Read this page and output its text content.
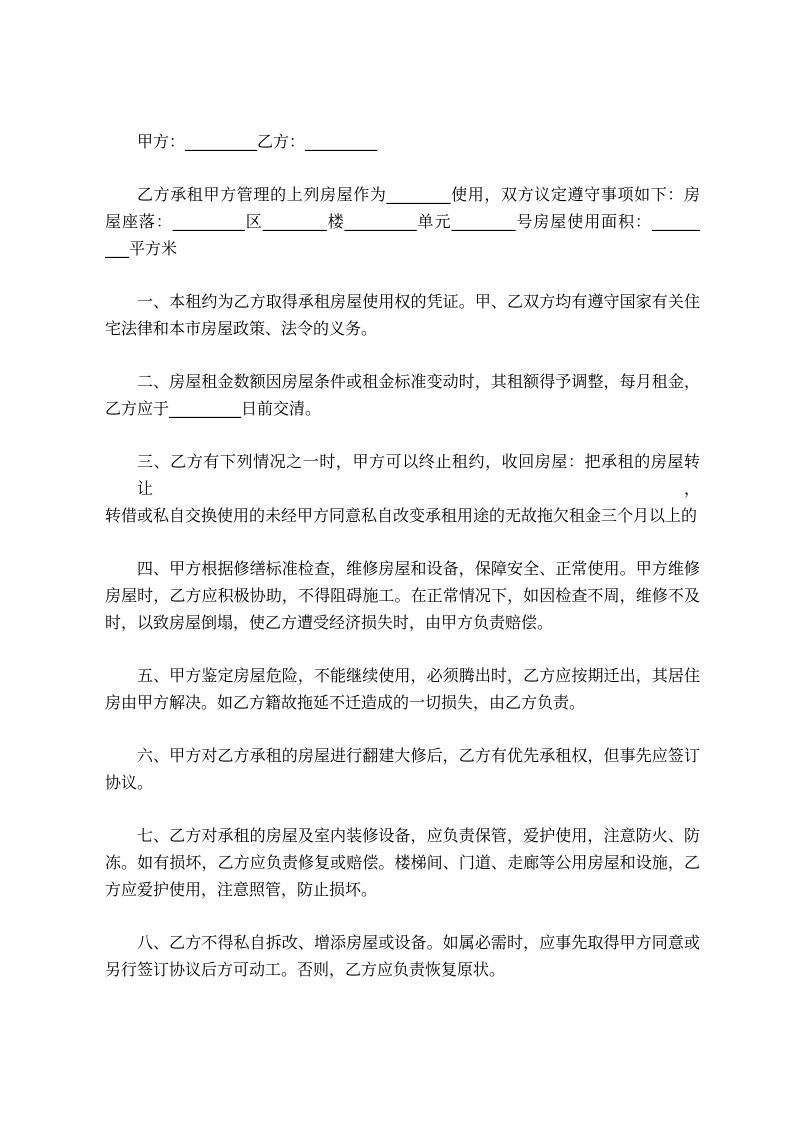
甲方：_________乙方：_________
乙方承租甲方管理的上列房屋作为________使用，双方议定遵守事项如下：房
屋座落：_________区________楼_________单元________号房屋使用面积：______
___平方米
一、本租约为乙方取得承租房屋使用权的凭证。甲、乙双方均有遵守国家有关住
宅法律和本市房屋政策、法令的义务。
二、房屋租金数额因房屋条件或租金标准变动时，其租额得予调整，每月租金，
乙方应于_________日前交清。
三、乙方有下列情况之一时，甲方可以终止租约，收回房屋：把承租的房屋转让，
转借或私自交换使用的未经甲方同意私自改变承租用途的无故拖欠租金三个月以上的
四、甲方根据修缮标准检查，维修房屋和设备，保障安全、正常使用。甲方维修
房屋时，乙方应积极协助，不得阻碍施工。在正常情况下，如因检查不周，维修不及
时，以致房屋倒塌，使乙方遭受经济损失时，由甲方负责赔偿。
五、甲方鉴定房屋危险，不能继续使用，必须腾出时，乙方应按期迁出，其居住
房由甲方解决。如乙方籍故拖延不迁造成的一切损失，由乙方负责。
六、甲方对乙方承租的房屋进行翻建大修后，乙方有优先承租权，但事先应签订
协议。
七、乙方对承租的房屋及室内装修设备，应负责保管，爱护使用，注意防火、防
冻。如有损坏，乙方应负责修复或赔偿。楼梯间、门道、走廊等公用房屋和设施，乙
方应爱护使用，注意照管，防止损坏。
八、乙方不得私自拆改、增添房屋或设备。如属必需时，应事先取得甲方同意或
另行签订协议后方可动工。否则，乙方应负责恢复原状。
